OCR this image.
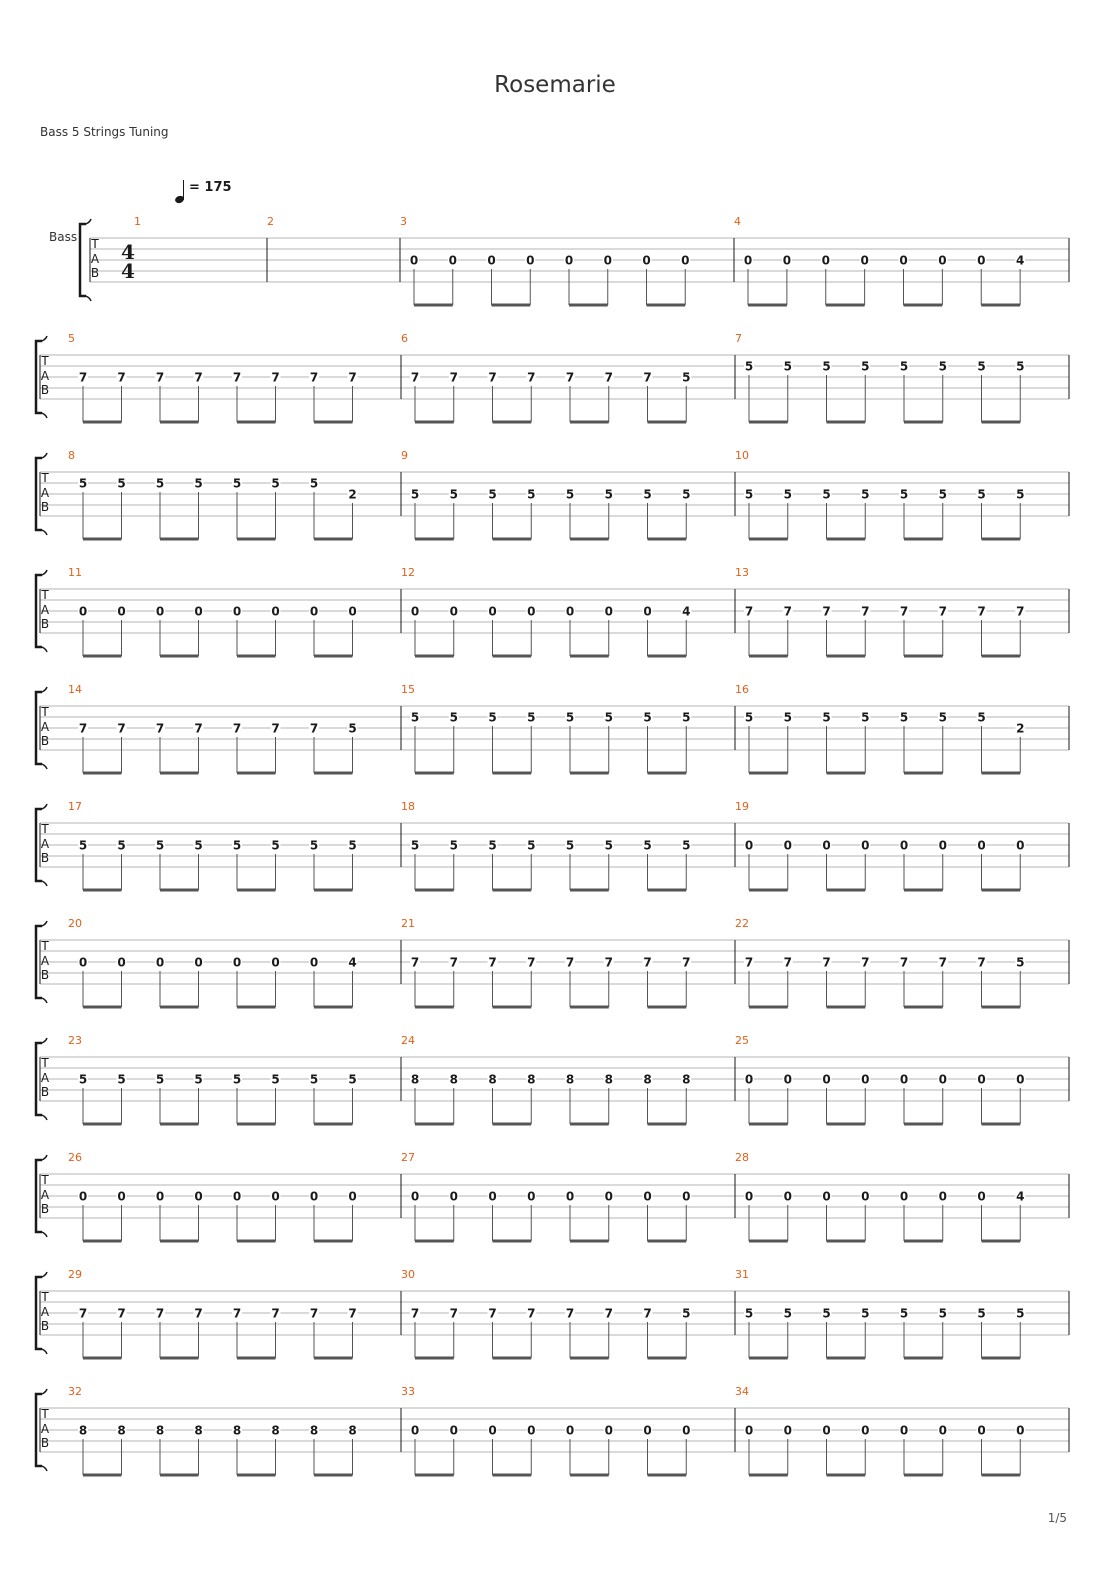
Rosemarie
Bass 5 Strings Tuning
= 175
Bass T
A
B
4
4
1	2	3
0	0	0	0	0	0	0	0
4
0	0	0	0	0	0	0	4
T
A
B
5
7	7	7	7	7	7	7	7
6
7	7	7	7	7	7	7	5
7
5	5	5	5	5	5	5	5
T
A
B
8
5	5	5	5	5	5	5
2
9
5	5	5	5	5	5	5	5
10
5	5	5	5	5	5	5	5
T
A
B
11
0	0	0	0	0	0	0	0
12
0	0	0	0	0	0	0	4
13
7	7	7	7	7	7	7	7
T
A
B
14
7	7	7	7	7	7	7	5
15
5	5	5	5	5	5	5	5
16
5	5	5	5	5	5	5
2
T
A
B
17
5	5	5	5	5	5	5	5
18
5	5	5	5	5	5	5	5
19
0	0	0	0	0	0	0	0
T
A
B
20
0	0	0	0	0	0	0	4
21
7	7	7	7	7	7	7	7
22
7	7	7	7	7	7	7	5
T
A
B
23
5	5	5	5	5	5	5	5
24
8	8	8	8	8	8	8	8
25
0	0	0	0	0	0	0	0
T
A
B
26
0	0	0	0	0	0	0	0
27
0	0	0	0	0	0	0	0
28
0	0	0	0	0	0	0	4
T
A
B
29
7	7	7	7	7	7	7	7
30
7	7	7	7	7	7	7	5
31
5	5	5	5	5	5	5	5
T
A
B
32
8	8	8	8	8	8	8	8
33
0	0	0	0	0	0	0	0
34
0	0	0	0	0	0	0	0
1/5
